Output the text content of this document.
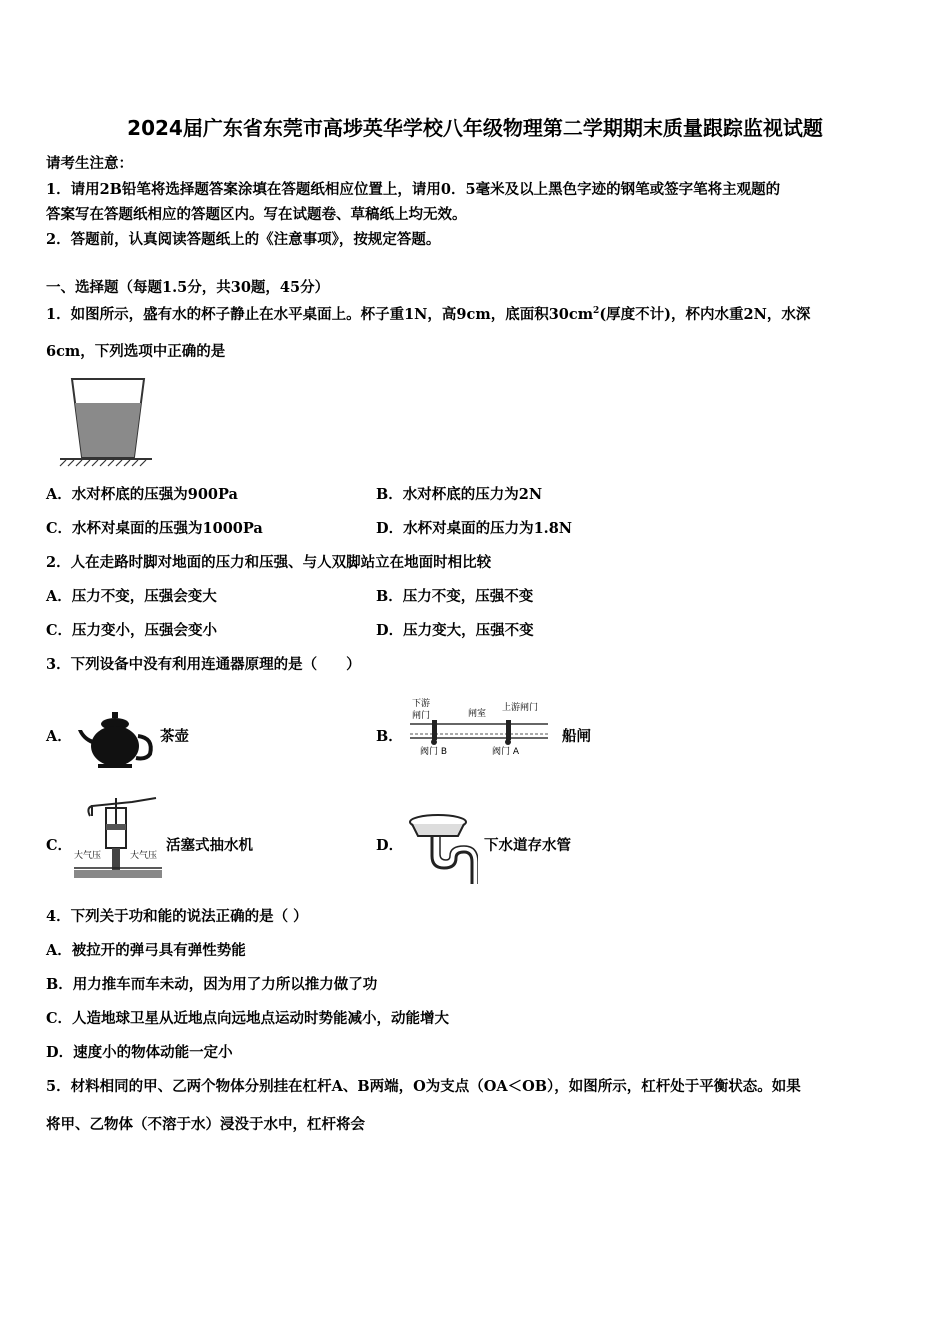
2024届广东省东莞市高埗英华学校八年级物理第二学期期末质量跟踪监视试题
请考生注意：
1．请用2B铅笔将选择题答案涂填在答题纸相应位置上，请用0．5毫米及以上黑色字迹的钢笔或签字笔将主观题的
答案写在答题纸相应的答题区内。写在试题卷、草稿纸上均无效。
2．答题前，认真阅读答题纸上的《注意事项》，按规定答题。
一、选择题（每题1.5分，共30题，45分）
1．如图所示，盛有水的杯子静止在水平桌面上。杯子重1N，高9cm，底面积$30cm^2$(厚度不计)，杯内水重2N，水深
6cm，下列选项中正确的是
A．水对杯底的压强为900Pa	B．水对杯底的压力为2N
C．水杯对桌面的压强为1000Pa	D．水杯对桌面的压力为1.8N
2．人在走路时脚对地面的压力和压强、与人双脚站立在地面时相比较
A．压力不变，压强会变大	B．压力不变，压强不变
C．压力变小，压强会变小	D．压力变大，压强不变
3．下列设备中没有利用连通器原理的是（　　）
A．	茶壶	B．
下游
闸门	闸室
上游闸门
阀门 B	阀门 A
船闸
C．
大气压	大气压
活塞式抽水机	D．	下水道存水管
4．下列关于功和能的说法正确的是（ ）
A．被拉开的弹弓具有弹性势能
B．用力推车而车未动，因为用了力所以推力做了功
C．人造地球卫星从近地点向远地点运动时势能减小，动能增大
D．速度小的物体动能一定小
5．材料相同的甲、乙两个物体分别挂在杠杆A、B两端，O为支点（OA＜OB），如图所示，杠杆处于平衡状态。如果
将甲、乙物体（不溶于水）浸没于水中，杠杆将会
